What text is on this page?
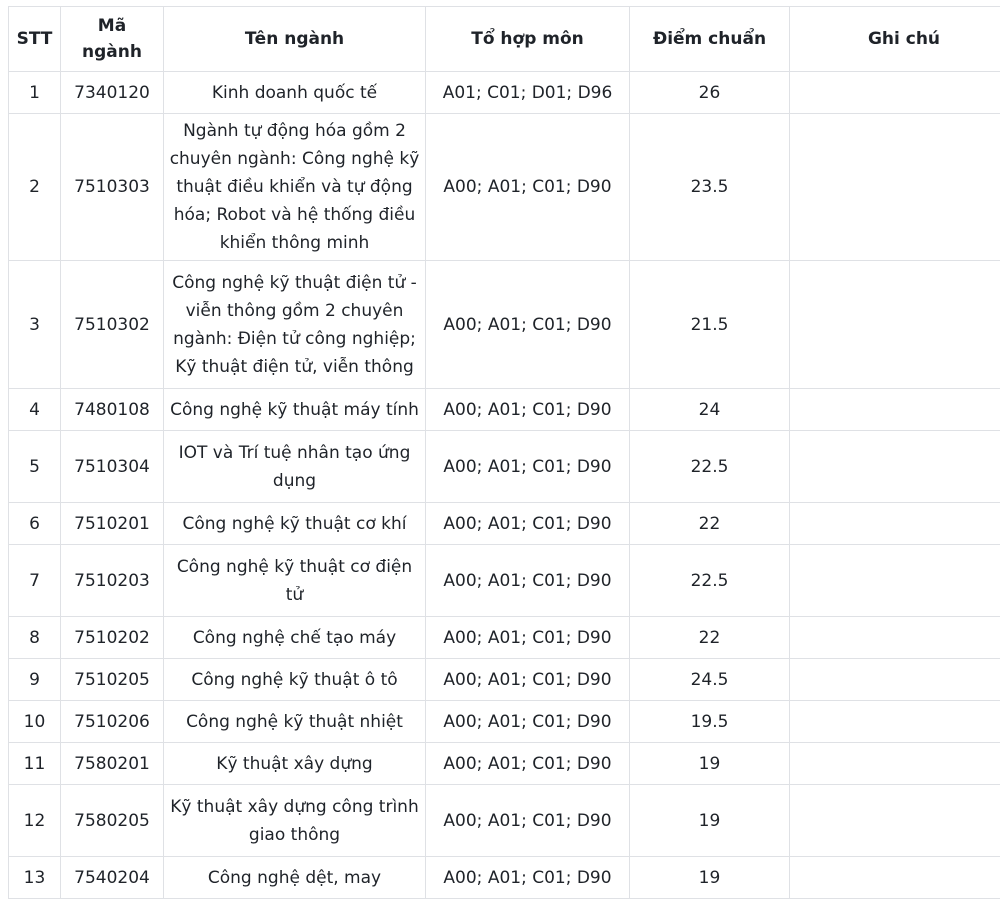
STT	Mã ngành	Tên ngành	Tổ hợp môn	Điểm chuẩn	Ghi chú
1	7340120	Kinh doanh quốc tế	A01; C01; D01; D96	26	
2	7510303	Ngành tự động hóa gồm 2 chuyên ngành: Công nghệ kỹ thuật điều khiển và tự động hóa; Robot và hệ thống điều khiển thông minh	A00; A01; C01; D90	23.5	
3	7510302	Công nghệ kỹ thuật điện tử - viễn thông gồm 2 chuyên ngành: Điện tử công nghiệp; Kỹ thuật điện tử, viễn thông	A00; A01; C01; D90	21.5	
4	7480108	Công nghệ kỹ thuật máy tính	A00; A01; C01; D90	24	
5	7510304	IOT và Trí tuệ nhân tạo ứng dụng	A00; A01; C01; D90	22.5	
6	7510201	Công nghệ kỹ thuật cơ khí	A00; A01; C01; D90	22	
7	7510203	Công nghệ kỹ thuật cơ điện tử	A00; A01; C01; D90	22.5	
8	7510202	Công nghệ chế tạo máy	A00; A01; C01; D90	22	
9	7510205	Công nghệ kỹ thuật ô tô	A00; A01; C01; D90	24.5	
10	7510206	Công nghệ kỹ thuật nhiệt	A00; A01; C01; D90	19.5	
11	7580201	Kỹ thuật xây dựng	A00; A01; C01; D90	19	
12	7580205	Kỹ thuật xây dựng công trình giao thông	A00; A01; C01; D90	19	
13	7540204	Công nghệ dệt, may	A00; A01; C01; D90	19	
